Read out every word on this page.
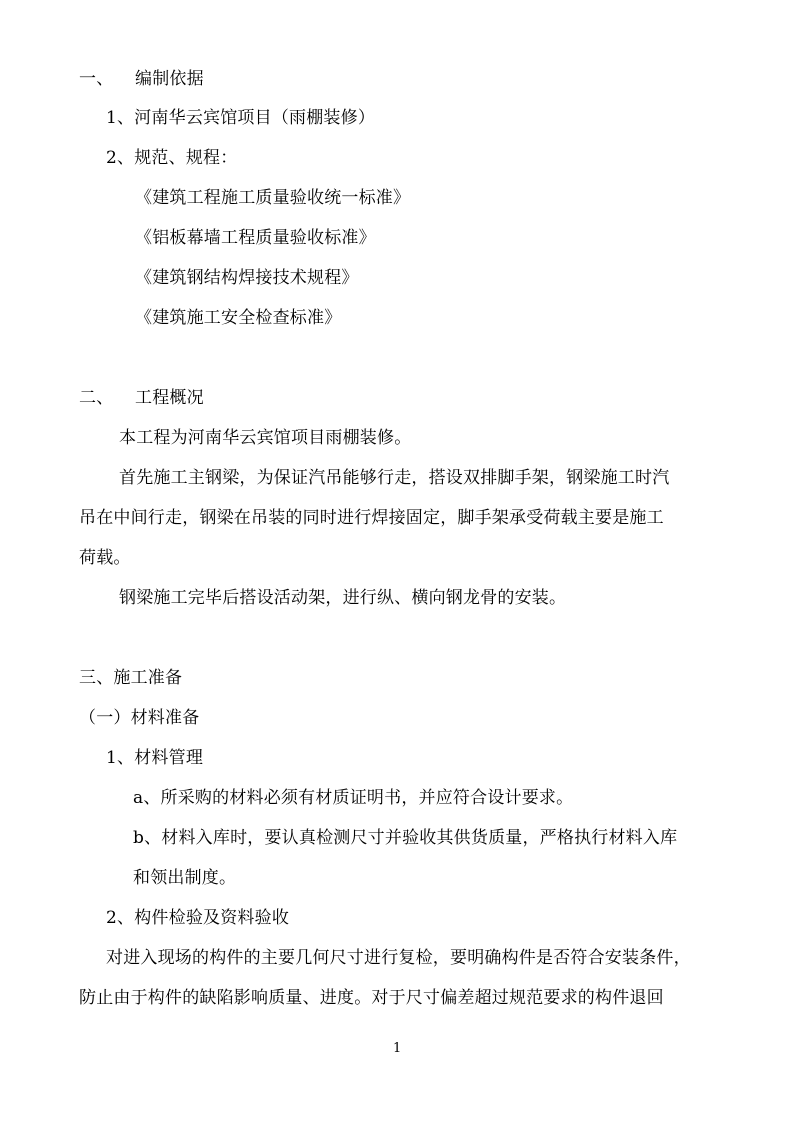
一、 编制依据
1、河南华云宾馆项目（雨棚装修）
2、规范、规程：
《建筑工程施工质量验收统一标准》
《铝板幕墙工程质量验收标准》
《建筑钢结构焊接技术规程》
《建筑施工安全检查标准》
二、 工程概况
本工程为河南华云宾馆项目雨棚装修。
首先施工主钢梁，为保证汽吊能够行走，搭设双排脚手架，钢梁施工时汽
吊在中间行走，钢梁在吊装的同时进行焊接固定，脚手架承受荷载主要是施工
荷载。
钢梁施工完毕后搭设活动架，进行纵、横向钢龙骨的安装。
三、施工准备
（一）材料准备
1、材料管理
a、所采购的材料必须有材质证明书，并应符合设计要求。
b、材料入库时，要认真检测尺寸并验收其供货质量，严格执行材料入库
和领出制度。
2、构件检验及资料验收
对进入现场的构件的主要几何尺寸进行复检，要明确构件是否符合安装条件，
防止由于构件的缺陷影响质量、进度。对于尺寸偏差超过规范要求的构件退回
1
